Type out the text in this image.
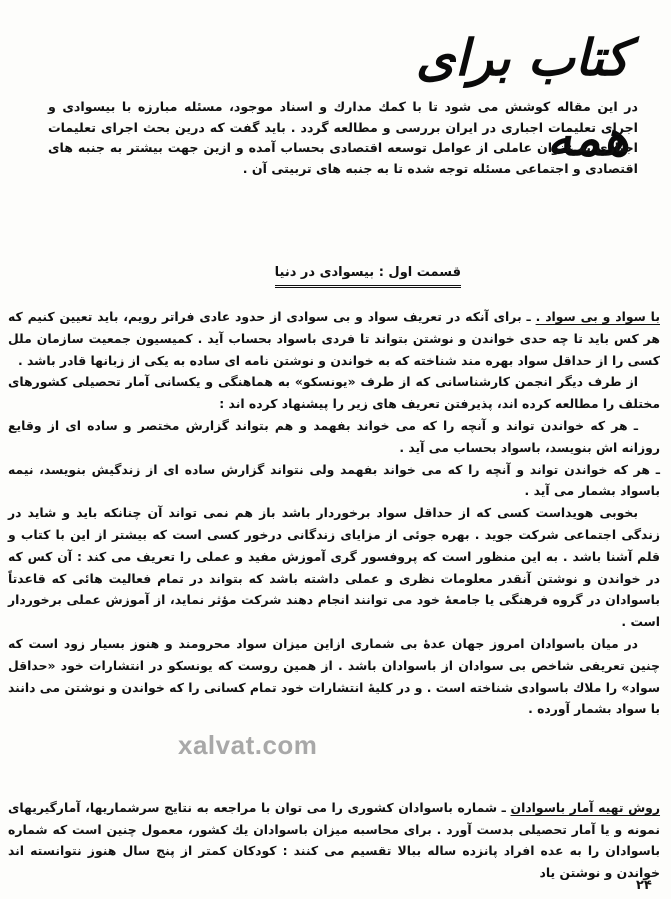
کتاب برای همه

در این مقاله کوشش می شود تا با کمك مدارك و اسناد موجود، مسئله مبارزه با بیسوادی و اجرای تعلیمات اجباری در ایران بررسی و مطالعه گردد . باید گفت که درین بحث اجرای تعلیمات اجباری به عنوان عاملی از عوامل توسعه اقتصادی بحساب آمده و ازین جهت بیشتر به جنبه های اقتصادی و اجتماعی مسئله توجه شده تا به جنبه های تربیتی آن .

قسمت اول : بیسوادی در دنیا

با سواد و بی سواد . ـ برای آنکه در تعریف سواد و بی سوادی از حدود عادی فراتر رویم، باید تعیین کنیم که هر کس باید تا چه حدی خواندن و نوشتن بتواند تا فردی باسواد بحساب آید . کمیسیون جمعیت سازمان ملل کسی را از حداقل سواد بهره مند شناخته که به خواندن و نوشتن نامه ای ساده به یکی از زبانها قادر باشد .

از طرف دیگر انجمن کارشناسانی که از طرف «یونسکو» به هماهنگی و یکسانی آمار تحصیلی کشورهای مختلف را مطالعه کرده اند، پذیرفتن تعریف های زیر را پیشنهاد کرده اند :

ـ هر که خواندن تواند و آنچه را که می خواند بفهمد و هم بتواند گزارش مختصر و ساده ای از وقایع روزانه اش بنویسد، باسواد بحساب می آید .

ـ هر که خواندن تواند و آنچه را که می خواند بفهمد ولی نتواند گزارش ساده ای از زندگیش بنویسد، نیمه باسواد بشمار می آید .

بخوبی هویداست کسی که از حداقل سواد برخوردار باشد باز هم نمی تواند آن چنانکه باید و شاید در زندگی اجتماعی شرکت جوید . بهره جوئی از مزایای زندگانی درخور کسی است که بیشتر از این با کتاب و قلم آشنا باشد . به این منظور است که پروفسور گری آموزش مفید و عملی را تعریف می کند : آن کس که در خواندن و نوشتن آنقدر معلومات نظری و عملی داشته باشد که بتواند در تمام فعالیت هائی که قاعدتاً باسوادان در گروه فرهنگی یا جامعهٔ خود می توانند انجام دهند شرکت مؤثر نماید، از آموزش عملی برخوردار است .

در میان باسوادان امروز جهان عدهٔ بی شماری ازاین میزان سواد محرومند و هنوز بسیار زود است که چنین تعریفی شاخص بی سوادان از باسوادان باشد . از همین روست که یونسکو در انتشارات خود «حداقل سواد» را ملاك باسوادی شناخته است . و در کلیهٔ انتشارات خود تمام کسانی را که خواندن و نوشتن می دانند با سواد بشمار آورده .

xalvat.com

روش تهیه آمار باسوادان ـ شماره باسوادان کشوری را می توان با مراجعه به نتایج سرشماریها، آمارگیریهای نمونه و یا آمار تحصیلی بدست آورد . برای محاسبه میزان باسوادان یك کشور، معمول چنین است که شماره باسوادان را به عده افراد پانزده ساله ببالا تقسیم می کنند : کودکان کمتر از پنج سال هنوز نتوانسته اند خواندن و نوشتن یاد

۲۴
